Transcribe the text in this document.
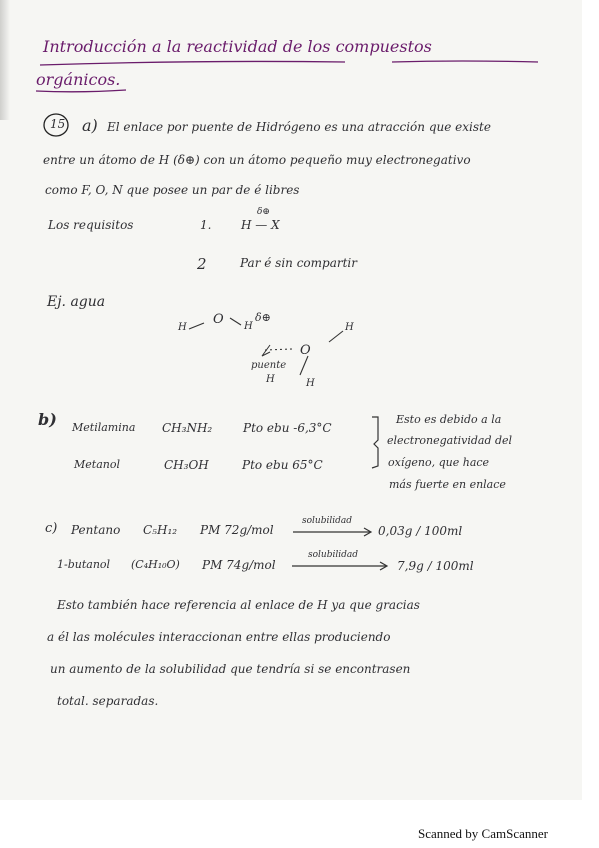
Introducción a la reactividad de los compuestos
orgánicos.
15 a) El enlace por puente de Hidrógeno es una atracción que existe
entre un átomo de H (δ⊕) con un átomo pequeño muy electronegativo
como F, O, N que posee un par de é libres
Los requisitos	1.
δ⊕
H — X
2	Par é sin compartir
Ej. agua
H
O H
δ⊕
H
O
H
puente
H
b) Metilamina CH₃NH₂	Pto ebu -6,3°C
Metanol	CH₃OH	Pto ebu 65°C
Esto es debido a la
electronegatividad del
oxígeno, que hace
más fuerte en enlace
c) Pentano C₅H₁₂ PM 72g/mol
solubilidad
0,03g / 100ml
1-butanol (C₄H₁₀O) PM 74g/mol
solubilidad
7,9g / 100ml
Esto también hace referencia al enlace de H ya que gracias
a él las molécules interaccionan entre ellas produciendo
un aumento de la solubilidad que tendría si se encontrasen
total. separadas.
Scanned by CamScanner
